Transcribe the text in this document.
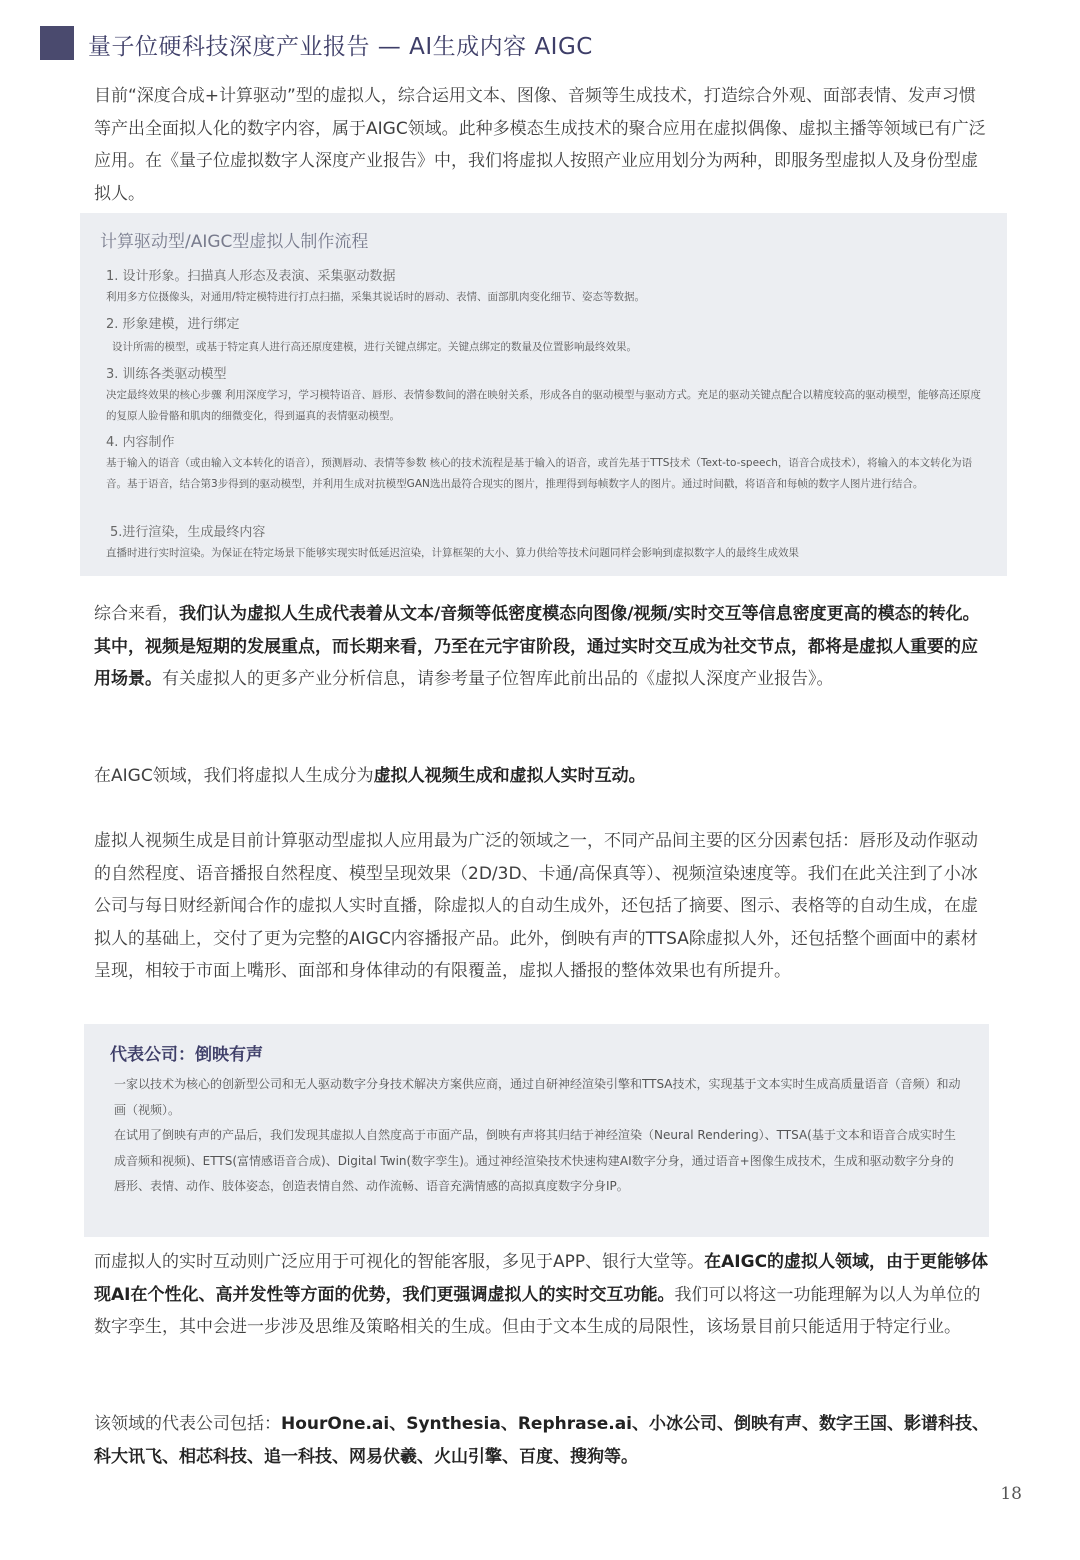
量子位硬科技深度产业报告 — AI生成内容 AIGC
目前“深度合成+计算驱动”型的虚拟人，综合运用文本、图像、音频等生成技术，打造综合外观、面部表情、发声习惯等产出全面拟人化的数字内容，属于AIGC领域。此种多模态生成技术的聚合应用在虚拟偶像、虚拟主播等领域已有广泛应用。在《量子位虚拟数字人深度产业报告》中，我们将虚拟人按照产业应用划分为两种，即服务型虚拟人及身份型虚拟人。
计算驱动型/AIGC型虚拟人制作流程
1. 设计形象。扫描真人形态及表演、采集驱动数据
利用多方位摄像头，对通用/特定模特进行打点扫描，采集其说话时的唇动、表情、面部肌肉变化细节、姿态等数据。
2. 形象建模，进行绑定
设计所需的模型，或基于特定真人进行高还原度建模，进行关键点绑定。关键点绑定的数量及位置影响最终效果。
3. 训练各类驱动模型
决定最终效果的核心步骤 利用深度学习，学习模特语音、唇形、表情参数间的潜在映射关系，形成各自的驱动模型与驱动方式。充足的驱动关键点配合以精度较高的驱动模型，能够高还原度的复原人脸骨骼和肌肉的细微变化，得到逼真的表情驱动模型。
4. 内容制作
基于输入的语音（或由输入文本转化的语音），预测唇动、表情等参数 核心的技术流程是基于输入的语音，或首先基于TTS技术（Text-to-speech，语音合成技术），将输入的本文转化为语音。基于语音，结合第3步得到的驱动模型，并利用生成对抗模型GAN选出最符合现实的图片，推理得到每帧数字人的图片。通过时间戳，将语音和每帧的数字人图片进行结合。
5.进行渲染，生成最终内容
直播时进行实时渲染。为保证在特定场景下能够实现实时低延迟渲染，计算框架的大小、算力供给等技术问题同样会影响到虚拟数字人的最终生成效果
综合来看，我们认为虚拟人生成代表着从文本/音频等低密度模态向图像/视频/实时交互等信息密度更高的模态的转化。其中，视频是短期的发展重点，而长期来看，乃至在元宇宙阶段，通过实时交互成为社交节点，都将是虚拟人重要的应用场景。有关虚拟人的更多产业分析信息，请参考量子位智库此前出品的《虚拟人深度产业报告》。
在AIGC领域，我们将虚拟人生成分为虚拟人视频生成和虚拟人实时互动。
虚拟人视频生成是目前计算驱动型虚拟人应用最为广泛的领域之一，不同产品间主要的区分因素包括：唇形及动作驱动的自然程度、语音播报自然程度、模型呈现效果（2D/3D、卡通/高保真等）、视频渲染速度等。我们在此关注到了小冰公司与每日财经新闻合作的虚拟人实时直播，除虚拟人的自动生成外，还包括了摘要、图示、表格等的自动生成，在虚拟人的基础上，交付了更为完整的AIGC内容播报产品。此外，倒映有声的TTSA除虚拟人外，还包括整个画面中的素材呈现，相较于市面上嘴形、面部和身体律动的有限覆盖，虚拟人播报的整体效果也有所提升。
代表公司：倒映有声
一家以技术为核心的创新型公司和无人驱动数字分身技术解决方案供应商，通过自研神经渲染引擎和TTSA技术，实现基于文本实时生成高质量语音（音频）和动画（视频）。
在试用了倒映有声的产品后，我们发现其虚拟人自然度高于市面产品，倒映有声将其归结于神经渲染（Neural Rendering）、TTSA(基于文本和语音合成实时生成音频和视频)、ETTS(富情感语音合成)、Digital Twin(数字孪生)。通过神经渲染技术快速构建AI数字分身，通过语音+图像生成技术，生成和驱动数字分身的唇形、表情、动作、肢体姿态，创造表情自然、动作流畅、语音充满情感的高拟真度数字分身IP。
而虚拟人的实时互动则广泛应用于可视化的智能客服，多见于APP、银行大堂等。在AIGC的虚拟人领域，由于更能够体现AI在个性化、高并发性等方面的优势，我们更强调虚拟人的实时交互功能。我们可以将这一功能理解为以人为单位的数字孪生，其中会进一步涉及思维及策略相关的生成。但由于文本生成的局限性，该场景目前只能适用于特定行业。
该领域的代表公司包括：HourOne.ai、Synthesia、Rephrase.ai、小冰公司、倒映有声、数字王国、影谱科技、科大讯飞、相芯科技、追一科技、网易伏羲、火山引擎、百度、搜狗等。
18
